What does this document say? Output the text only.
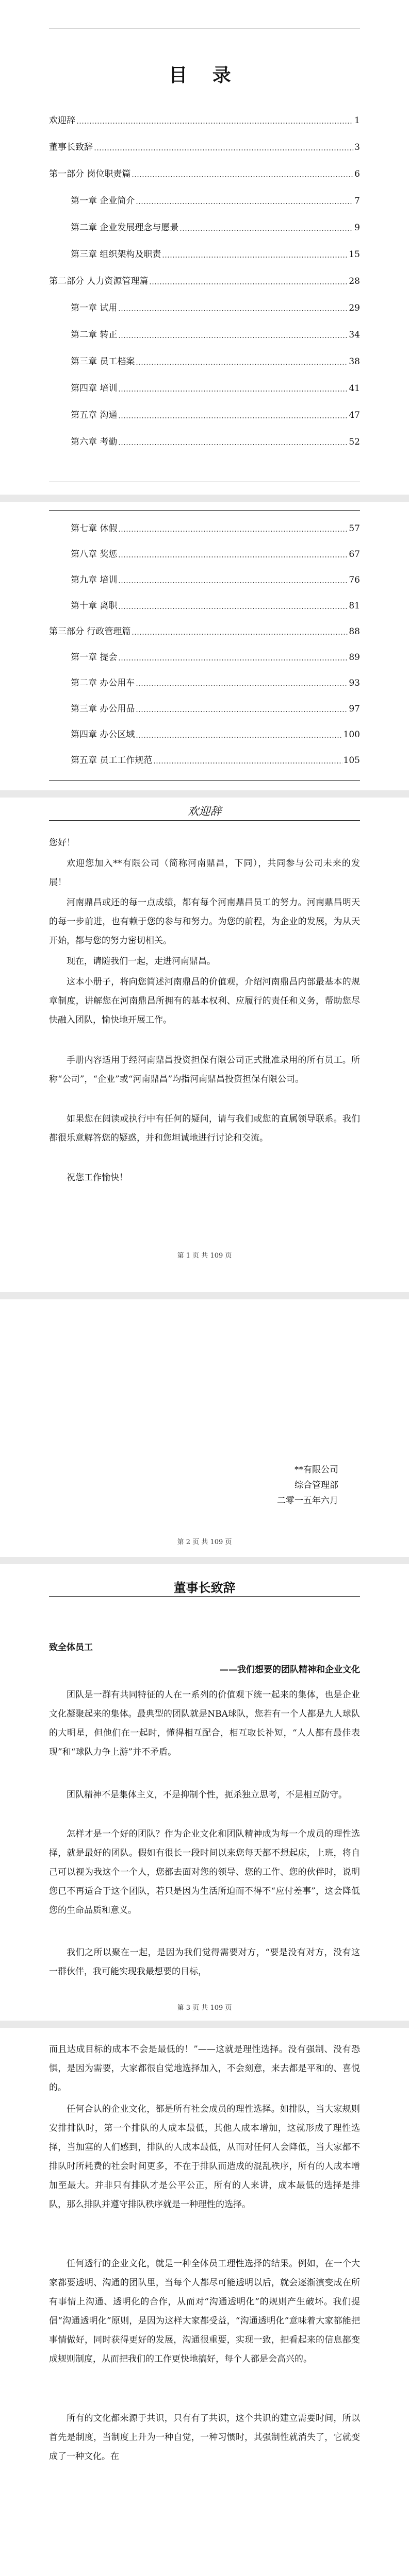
目 录
欢迎辞	1
董事长致辞	3
第一部分 岗位职责篇	6
第一章 企业简介	7
第二章 企业发展理念与愿景	9
第三章 组织架构及职责	15
第二部分 人力资源管理篇	28
第一章 试用	29
第二章 转正	34
第三章 员工档案	38
第四章 培训	41
第五章 沟通	47
第六章 考勤	52
第七章 休假	57
第八章 奖惩	67
第九章 培训	76
第十章 离职	81
第三部分 行政管理篇	88
第一章 提会	89
第二章 办公用车	93
第三章 办公用品	97
第四章 办公区域	100
第五章 员工工作规范	105
欢迎辞
您好！

欢迎您加入**有限公司（简称河南鼎昌，下同），共同参与公司未来的发展！

河南鼎昌或还的每一点成绩，都有每个河南鼎昌员工的努力。河南鼎昌明天的每一步前进，也有赖于您的参与和努力。为您的前程，为企业的发展，为从天开始，都与您的努力密切相关。

现在，请随我们一起，走进河南鼎昌。

这本小册子，将向您简述河南鼎昌的价值观，介绍河南鼎昌内部最基本的规章制度，讲解您在河南鼎昌所拥有的基本权利、应履行的责任和义务，帮助您尽快融入团队，愉快地开展工作。

手册内容适用于经河南鼎昌投资担保有限公司正式批准录用的所有员工。所称“公司”，“企业”或“河南鼎昌”均指河南鼎昌投资担保有限公司。

如果您在阅读或执行中有任何的疑问，请与我们或您的直属领导联系。我们都很乐意解答您的疑惑，并和您坦诚地进行讨论和交流。

祝您工作愉快！

第 1 页 共 109 页
**有限公司
综合管理部
二零一五年六月
第 2 页 共 109 页
董事长致辞
致全体员工
——我们想要的团队精神和企业文化

团队是一群有共同特征的人在一系列的价值观下统一起来的集体，也是企业文化凝聚起来的集体。最典型的团队就是NBA球队，您若有一个人都是九人球队的大明星，但他们在一起时，懂得相互配合，相互取长补短，“人人都有最佳表现”和“球队力争上游”并不矛盾。

团队精神不是集体主义，不是抑制个性，扼杀独立思考，不是相互防守。

怎样才是一个好的团队？作为企业文化和团队精神成为每一个成员的理性选择，就是最好的团队。假如有很长一段时间以来您每天都不想起床，上班，将自己可以视为我这个一个人，您都去面对您的领导、您的工作、您的伙伴时，说明您已不再适合于这个团队，若只是因为生活所迫而不得不“应付差事”，这会降低您的生命品质和意义。

我们之所以聚在一起，是因为我们觉得需要对方，“要是没有对方，没有这一群伙伴，我可能实现我最想要的目标，

第 3 页 共 109 页

而且达成目标的成本不会是最低的！”——这就是理性选择。没有强制、没有恐惧，是因为需要，大家都很自觉地选择加入，不会刻意，来去都是平和的、喜悦的。

任何合认的企业文化，都是所有社会成员的理性选择。如排队，当大家规则安排排队时，第一个排队的人成本最低，其他人成本增加，这就形成了理性选择，当加塞的人们感到，排队的人成本最低，从而对任何人会降低，当大家都不排队时所耗费的社会时间更多，不在于排队而造成的混乱秩序，所有的人成本增加至最大。并非只有排队才是公平公正，所有的人来讲，成本最低的选择是排队，那么排队并遵守排队秩序就是一种理性的选择。

任何透行的企业文化，就是一种全体员工理性选择的结果。例如，在一个大家都要透明、沟通的团队里，当每个人都尽可能透明以后，就会逐渐演变成在所有事情上沟通、透明化的合作，从而对“沟通透明化”的规则产生破坏。我们提倡“沟通透明化”原则，是因为这样大家都受益，“沟通透明化”意味着大家都能把事情做好，同时获得更好的发展，沟通很重要，实现一致，把看起来的信息都变成规则制度，从而把我们的工作更快地搞好，每个人都是会高兴的。

所有的文化都来源于共识，只有有了共识，这个共识的建立需要时间，所以首先是制度，当制度上升为一种自觉，一种习惯时，其强制性就消失了，它就变成了一种文化。在
